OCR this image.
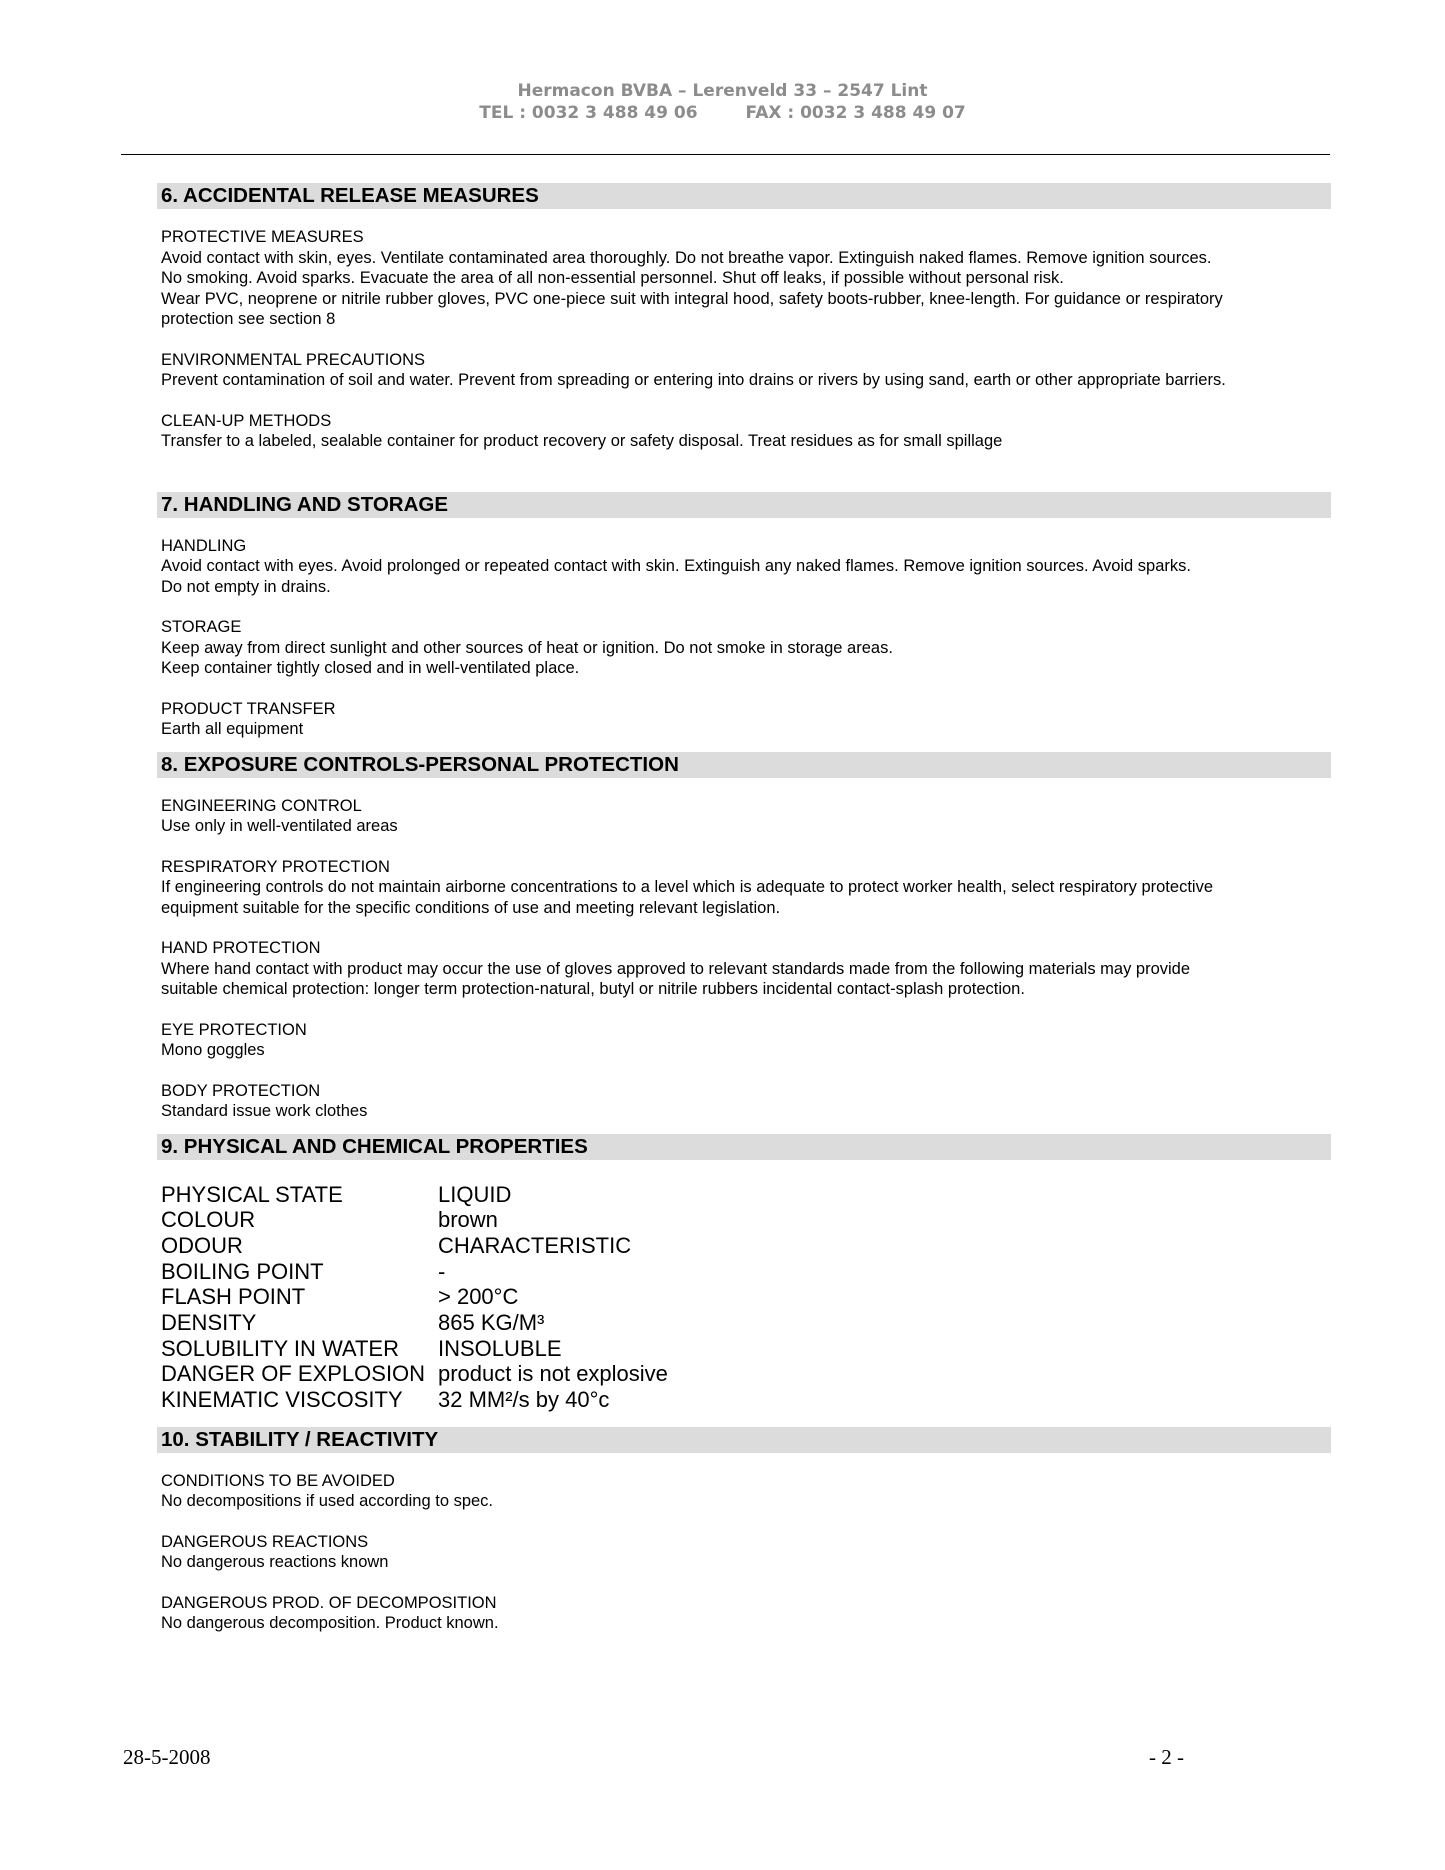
Hermacon BVBA – Lerenveld 33 – 2547 Lint
TEL : 0032 3 488 49 06	FAX : 0032 3 488 49 07
6. ACCIDENTAL RELEASE MEASURES

PROTECTIVE MEASURES

Avoid contact with skin, eyes. Ventilate contaminated area thoroughly. Do not breathe vapor. Extinguish naked flames. Remove ignition sources.

No smoking. Avoid sparks. Evacuate the area of all non-essential personnel. Shut off leaks, if possible without personal risk.

Wear PVC, neoprene or nitrile rubber gloves, PVC one-piece suit with integral hood, safety boots-rubber, knee-length. For guidance or respiratory

protection see section 8

ENVIRONMENTAL PRECAUTIONS

Prevent contamination of soil and water. Prevent from spreading or entering into drains or rivers by using sand, earth or other appropriate barriers.

CLEAN-UP METHODS

Transfer to a labeled, sealable container for product recovery or safety disposal. Treat residues as for small spillage

7. HANDLING AND STORAGE

HANDLING

Avoid contact with eyes. Avoid prolonged or repeated contact with skin. Extinguish any naked flames. Remove ignition sources. Avoid sparks.

Do not empty in drains.

STORAGE

Keep away from direct sunlight and other sources of heat or ignition. Do not smoke in storage areas.

Keep container tightly closed and in well-ventilated place.

PRODUCT TRANSFER

Earth all equipment

8. EXPOSURE CONTROLS-PERSONAL PROTECTION

ENGINEERING CONTROL

Use only in well-ventilated areas

RESPIRATORY PROTECTION

If engineering controls do not maintain airborne concentrations to a level which is adequate to protect worker health, select respiratory protective

equipment suitable for the specific conditions of use and meeting relevant legislation.

HAND PROTECTION

Where hand contact with product may occur the use of gloves approved to relevant standards made from the following materials may provide

suitable chemical protection: longer term protection-natural, butyl or nitrile rubbers incidental contact-splash protection.

EYE PROTECTION

Mono goggles

BODY PROTECTION

Standard issue work clothes

9. PHYSICAL AND CHEMICAL PROPERTIES
PHYSICAL STATE	LIQUID
COLOUR	brown
ODOUR	CHARACTERISTIC
BOILING POINT	-
FLASH POINT	> 200°C
DENSITY	865 KG/M³
SOLUBILITY IN WATER	INSOLUBLE
DANGER OF EXPLOSION	product is not explosive
KINEMATIC VISCOSITY	32 MM²/s by 40°c
10. STABILITY / REACTIVITY

CONDITIONS TO BE AVOIDED

No decompositions if used according to spec.

DANGEROUS REACTIONS

No dangerous reactions known

DANGEROUS PROD. OF DECOMPOSITION

No dangerous decomposition. Product known.

28-5-2008	- 2 -
